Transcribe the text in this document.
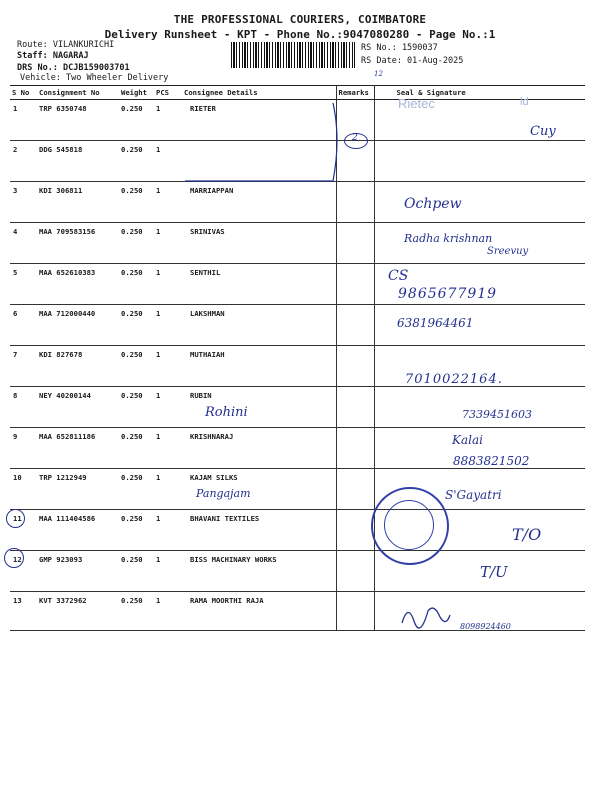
THE PROFESSIONAL COURIERS, COIMBATORE
Delivery Runsheet - KPT - Phone No.:9047080280 - Page No.:1
Route: VILANKURICHI
Staff: NAGARAJ
DRS No.: DCJB159003701
Vehicle: Two Wheeler Delivery
RS No.: 1590037
RS Date: 01-Aug-2025
S No	Consignment No	Weight	PCS	Consignee Details	Remarks	Seal & Signature
1	TRP 6350748	0.250	1	RIETER		
2	DDG 545818	0.250	1			
3	KDI 306811	0.250	1	MARRIAPPAN		
4	MAA 709583156	0.250	1	SRINIVAS		
5	MAA 652610383	0.250	1	SENTHIL		
6	MAA 712000440	0.250	1	LAKSHMAN		
7	KDI 827678	0.250	1	MUTHAIAH		
8	NEY 40200144	0.250	1	RUBIN		
9	MAA 652811186	0.250	1	KRISHNARAJ		
10	TRP 1212949	0.250	1	KAJAM SILKS		
11	MAA 111404586	0.250	1	BHAVANI TEXTILES		
12	GMP 923093	0.250	1	BISS MACHINARY WORKS		
13	KVT 3372962	0.250	1	RAMA MOORTHI RAJA		
12
Rietec	ld
2	Cuy
Ochpew
Radha krishnan
Sreevuy
CS
9865677919
6381964461
7010022164.
Rohini	7339451603
Kalai
8883821502
Pangajam	S'Gayatri
T/O
T/U
8098924460
